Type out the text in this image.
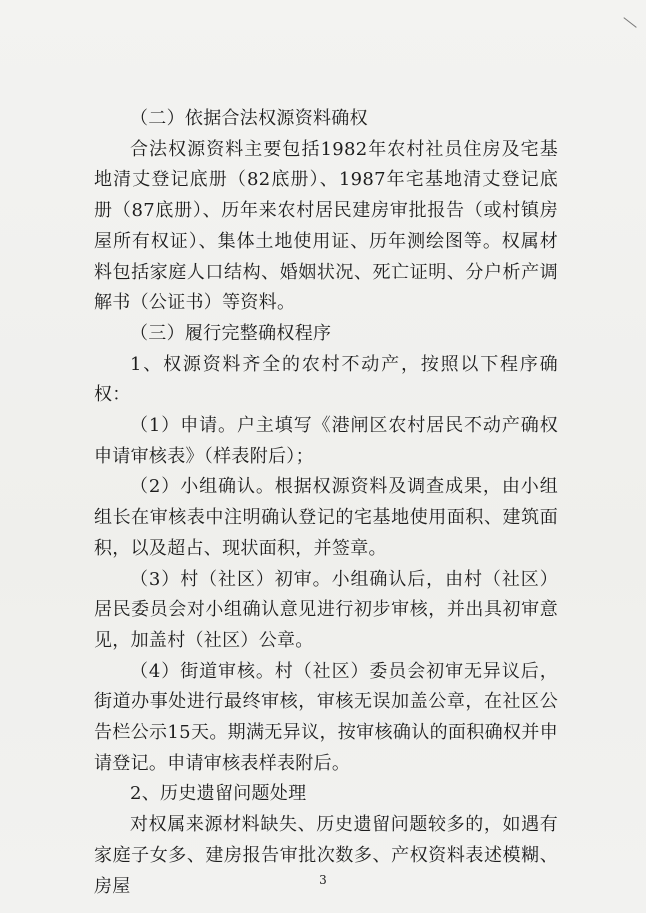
（二）依据合法权源资料确权

合法权源资料主要包括1982年农村社员住房及宅基地清丈登记底册（82底册）、1987年宅基地清丈登记底册（87底册）、历年来农村居民建房审批报告（或村镇房屋所有权证）、集体土地使用证、历年测绘图等。权属材料包括家庭人口结构、婚姻状况、死亡证明、分户析产调解书（公证书）等资料。

（三）履行完整确权程序

1、权源资料齐全的农村不动产，按照以下程序确权：

（1）申请。户主填写《港闸区农村居民不动产确权申请审核表》（样表附后）；

（2）小组确认。根据权源资料及调查成果，由小组组长在审核表中注明确认登记的宅基地使用面积、建筑面积，以及超占、现状面积，并签章。

（3）村（社区）初审。小组确认后，由村（社区）居民委员会对小组确认意见进行初步审核，并出具初审意见，加盖村（社区）公章。

（4）街道审核。村（社区）委员会初审无异议后，街道办事处进行最终审核，审核无误加盖公章，在社区公告栏公示15天。期满无异议，按审核确认的面积确权并申请登记。申请审核表样表附后。

2、历史遗留问题处理

对权属来源材料缺失、历史遗留问题较多的，如遇有家庭子女多、建房报告审批次数多、产权资料表述模糊、房屋	3
